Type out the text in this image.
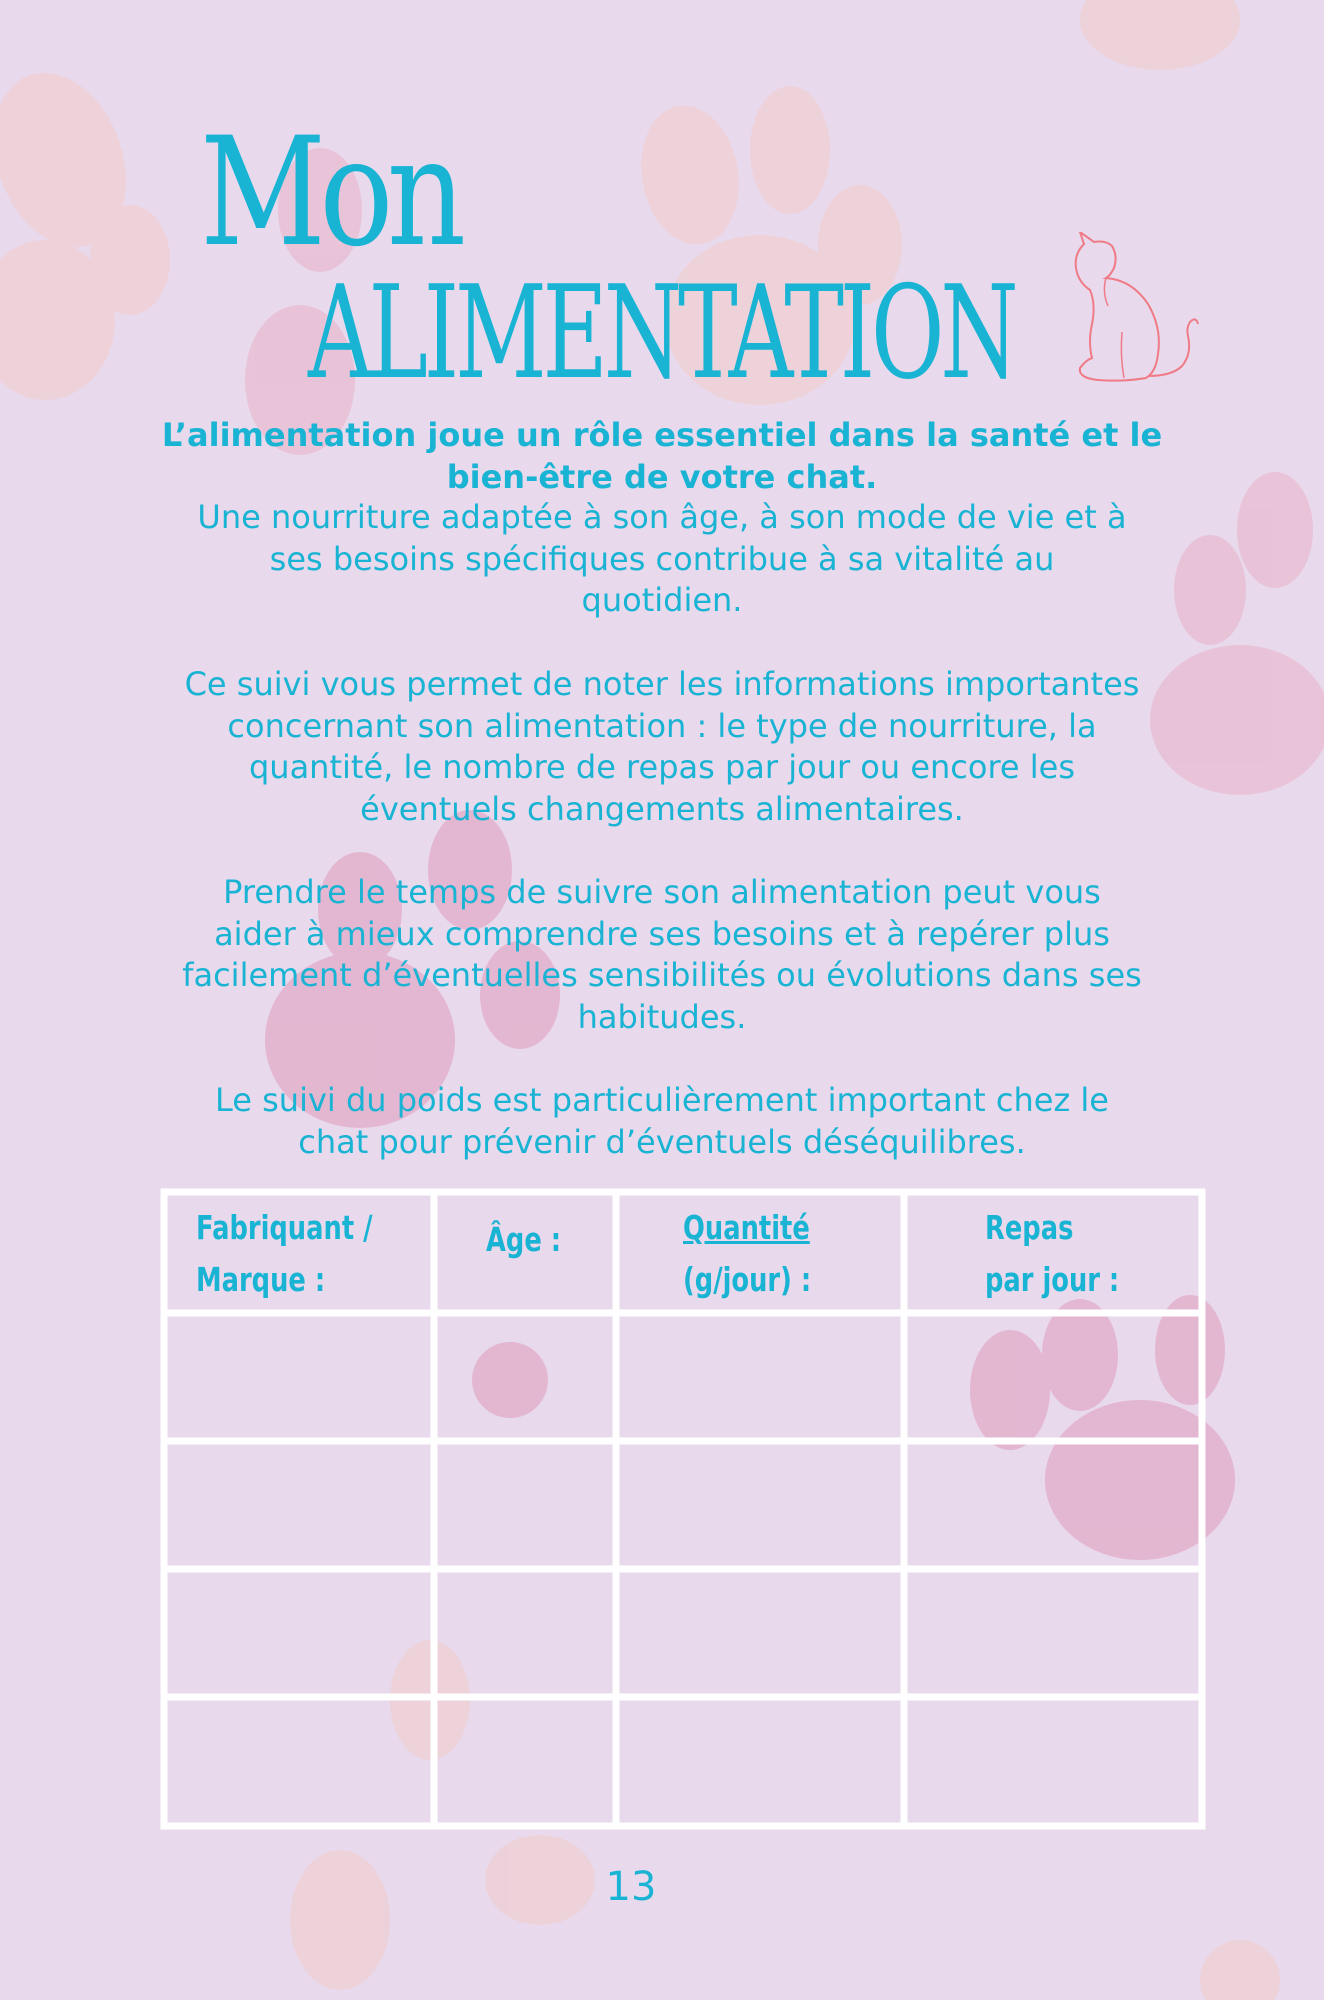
Mon
ALIMENTATION

L’alimentation joue un rôle essentiel dans la santé et le
bien-être de votre chat.

Une nourriture adaptée à son âge, à son mode de vie et à
ses besoins spécifiques contribue à sa vitalité au
quotidien.

Ce suivi vous permet de noter les informations importantes
concernant son alimentation : le type de nourriture, la
quantité, le nombre de repas par jour ou encore les
éventuels changements alimentaires.

Prendre le temps de suivre son alimentation peut vous
aider à mieux comprendre ses besoins et à repérer plus
facilement d’éventuelles sensibilités ou évolutions dans ses
habitudes.

Le suivi du poids est particulièrement important chez le
chat pour prévenir d’éventuels déséquilibres.

Fabriquant /
Marque :
Âge :	Quantité
(g/jour) :
Repas
par jour :
13
